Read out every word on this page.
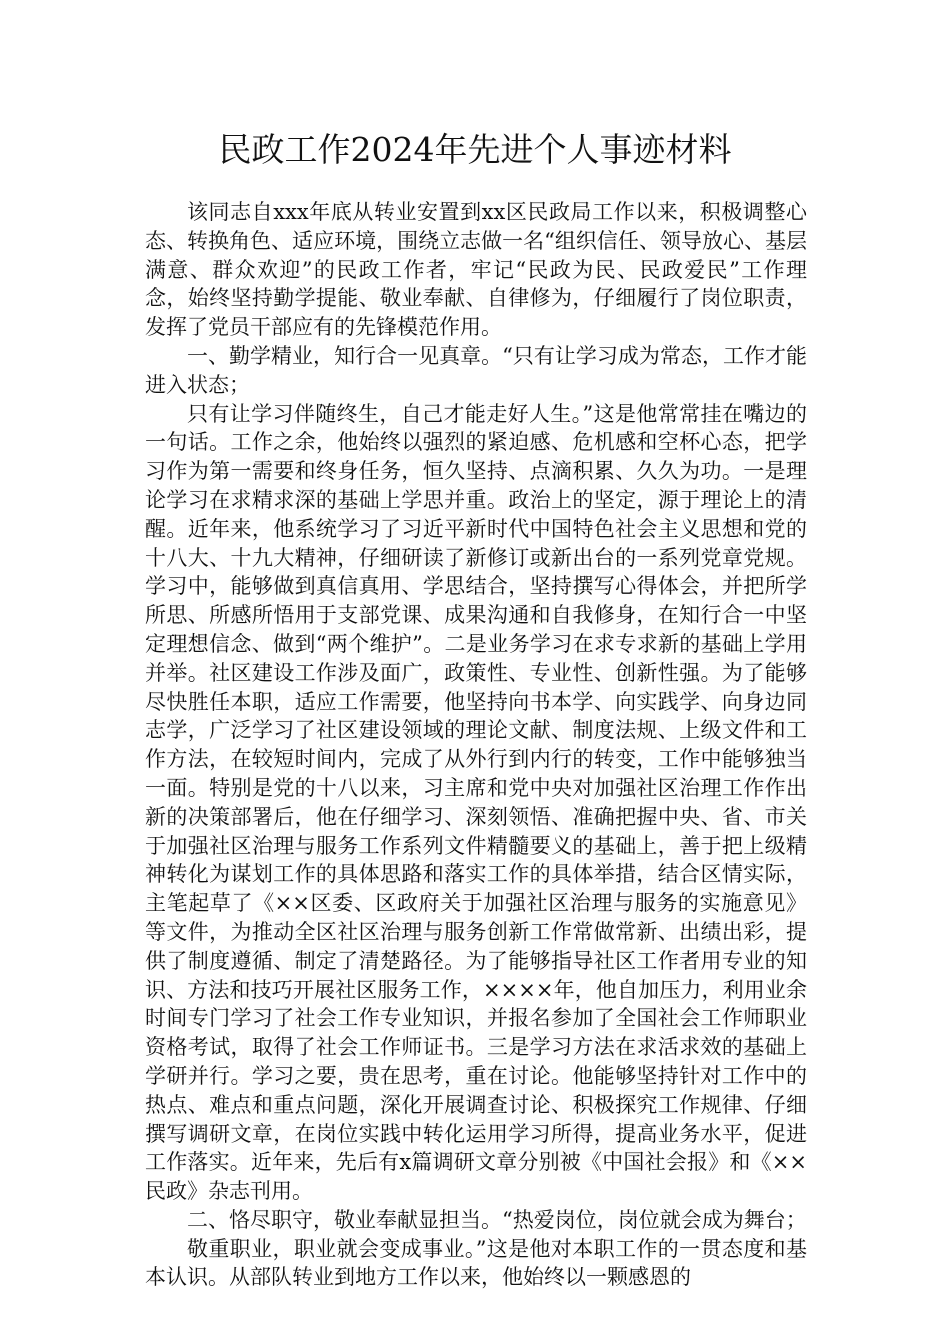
民政工作2024年先进个人事迹材料

该同志自xxx年底从转业安置到xx区民政局工作以来，积极调整心态、转换角色、适应环境，围绕立志做一名“组织信任、领导放心、基层满意、群众欢迎”的民政工作者，牢记“民政为民、民政爱民”工作理念，始终坚持勤学提能、敬业奉献、自律修为，仔细履行了岗位职责，发挥了党员干部应有的先锋模范作用。

一、勤学精业，知行合一见真章。“只有让学习成为常态，工作才能进入状态；

只有让学习伴随终生，自己才能走好人生。”这是他常常挂在嘴边的一句话。工作之余，他始终以强烈的紧迫感、危机感和空杯心态，把学习作为第一需要和终身任务，恒久坚持、点滴积累、久久为功。一是理论学习在求精求深的基础上学思并重。政治上的坚定，源于理论上的清醒。近年来，他系统学习了习近平新时代中国特色社会主义思想和党的十八大、十九大精神，仔细研读了新修订或新出台的一系列党章党规。学习中，能够做到真信真用、学思结合，坚持撰写心得体会，并把所学所思、所感所悟用于支部党课、成果沟通和自我修身，在知行合一中坚定理想信念、做到“两个维护”。二是业务学习在求专求新的基础上学用并举。社区建设工作涉及面广，政策性、专业性、创新性强。为了能够尽快胜任本职，适应工作需要，他坚持向书本学、向实践学、向身边同志学，广泛学习了社区建设领域的理论文献、制度法规、上级文件和工作方法，在较短时间内，完成了从外行到内行的转变，工作中能够独当一面。特别是党的十八以来，习主席和党中央对加强社区治理工作作出新的决策部署后，他在仔细学习、深刻领悟、准确把握中央、省、市关于加强社区治理与服务工作系列文件精髓要义的基础上，善于把上级精神转化为谋划工作的具体思路和落实工作的具体举措，结合区情实际，主笔起草了《××区委、区政府关于加强社区治理与服务的实施意见》等文件，为推动全区社区治理与服务创新工作常做常新、出绩出彩，提供了制度遵循、制定了清楚路径。为了能够指导社区工作者用专业的知识、方法和技巧开展社区服务工作，××××年，他自加压力，利用业余时间专门学习了社会工作专业知识，并报名参加了全国社会工作师职业资格考试，取得了社会工作师证书。三是学习方法在求活求效的基础上学研并行。学习之要，贵在思考，重在讨论。他能够坚持针对工作中的热点、难点和重点问题，深化开展调查讨论、积极探究工作规律、仔细撰写调研文章，在岗位实践中转化运用学习所得，提高业务水平，促进工作落实。近年来，先后有x篇调研文章分别被《中国社会报》和《××民政》杂志刊用。

二、恪尽职守，敬业奉献显担当。“热爱岗位，岗位就会成为舞台；

敬重职业，职业就会变成事业。”这是他对本职工作的一贯态度和基本认识。从部队转业到地方工作以来，他始终以一颗感恩的
